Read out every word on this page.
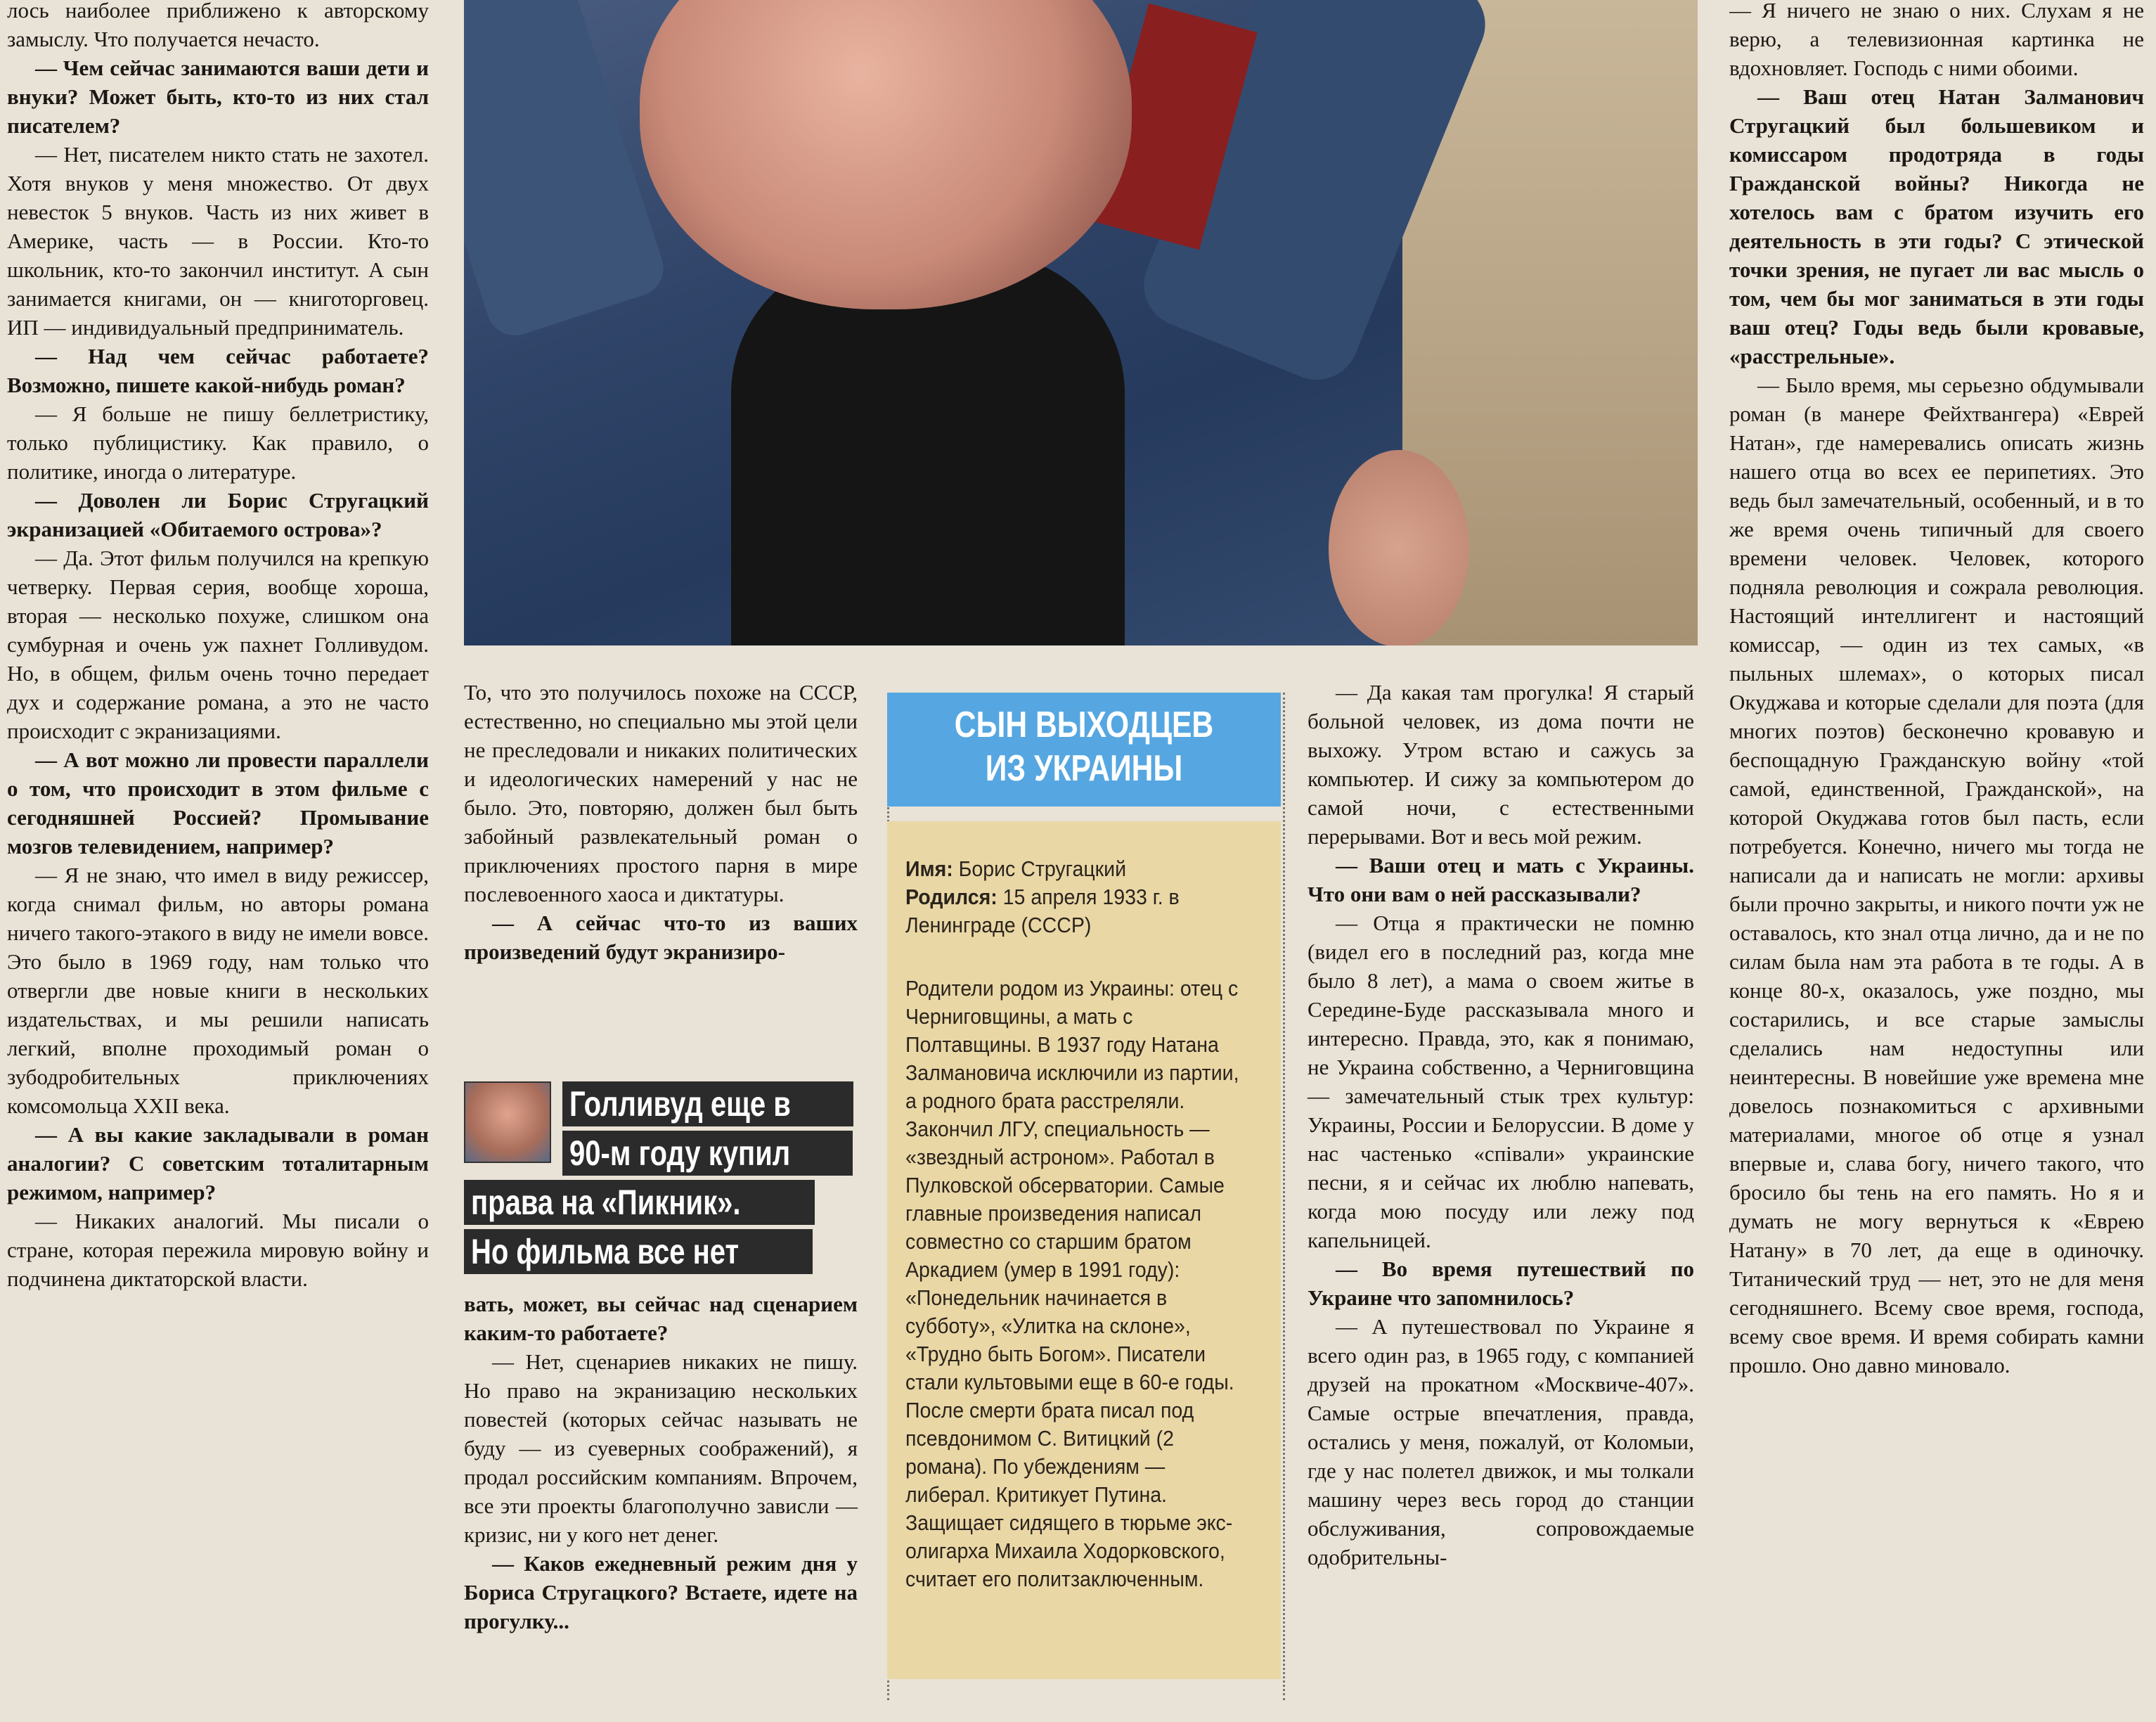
лось наиболее приближено к авторскому замыслу. Что получается нечасто.

— Чем сейчас занимаются ваши дети и внуки? Может быть, кто-то из них стал писателем?

— Нет, писателем никто стать не захотел. Хотя внуков у меня множество. От двух невесток 5 внуков. Часть из них живет в Америке, часть — в России. Кто-то школьник, кто-то закончил институт. А сын занимается книгами, он — книготорговец. ИП — индивидуальный предприниматель.

— Над чем сейчас работаете? Возможно, пишете какой-нибудь роман?

— Я больше не пишу беллетристику, только публицистику. Как правило, о политике, иногда о литературе.

— Доволен ли Борис Стругацкий экранизацией «Обитаемого острова»?

— Да. Этот фильм получился на крепкую четверку. Первая серия, вообще хороша, вторая — несколько похуже, слишком она сумбурная и очень уж пахнет Голливудом. Но, в общем, фильм очень точно передает дух и содержание романа, а это не часто происходит с экранизациями.

— А вот можно ли провести параллели о том, что происходит в этом фильме с сегодняшней Россией? Промывание мозгов телевидением, например?

— Я не знаю, что имел в виду режиссер, когда снимал фильм, но авторы романа ничего такого-этакого в виду не имели вовсе. Это было в 1969 году, нам только что отвергли две новые книги в нескольких издательствах, и мы решили написать легкий, вполне проходимый роман о зубодробительных приключениях комсомольца XXII века.

— А вы какие закладывали в роман аналогии? С советским тоталитарным режимом, например?

— Никаких аналогий. Мы писали о стране, которая пережила мировую войну и подчинена диктаторской власти.

То, что это получилось похоже на СССР, естественно, но специально мы этой цели не преследовали и никаких политических и идеологических намерений у нас не было. Это, повторяю, должен был быть забойный развлекательный роман о приключениях простого парня в мире послевоенного хаоса и диктатуры.

— А сейчас что-то из ваших произведений будут экранизиро-

вать, может, вы сейчас над сценарием каким-то работаете?

— Нет, сценариев никаких не пишу. Но право на экранизацию нескольких повестей (которых сейчас называть не буду — из суеверных соображений), я продал российским компаниям. Впрочем, все эти проекты благополучно зависли — кризис, ни у кого нет денег.

— Каков ежедневный режим дня у Бориса Стругацкого? Встаете, идете на прогулку...

— Да какая там прогулка! Я старый больной человек, из дома почти не выхожу. Утром встаю и сажусь за компьютер. И сижу за компьютером до самой ночи, с естественными перерывами. Вот и весь мой режим.

— Ваши отец и мать с Украины. Что они вам о ней рассказывали?

— Отца я практически не помню (видел его в последний раз, когда мне было 8 лет), а мама о своем житье в Середине-Буде рассказывала много и интересно. Правда, это, как я понимаю, не Украина собственно, а Черниговщина — замечательный стык трех культур: Украины, России и Белоруссии. В доме у нас частенько «співали» украинские песни, я и сейчас их люблю напевать, когда мою посуду или лежу под капельницей.

— Во время путешествий по Украине что запомнилось?

— А путешествовал по Украине я всего один раз, в 1965 году, с компанией друзей на прокатном «Москвиче-407». Самые острые впечатления, правда, остались у меня, пожалуй, от Коломыи, где у нас полетел движок, и мы толкали машину через весь город до станции обслуживания, сопровождаемые одобрительны-

— Я ничего не знаю о них. Слухам я не верю, а телевизионная картинка не вдохновляет. Господь с ними обоими.

— Ваш отец Натан Залманович Стругацкий был большевиком и комиссаром продотряда в годы Гражданской войны? Никогда не хотелось вам с братом изучить его деятельность в эти годы? С этической точки зрения, не пугает ли вас мысль о том, чем бы мог заниматься в эти годы ваш отец? Годы ведь были кровавые, «расстрельные».

— Было время, мы серьезно обдумывали роман (в манере Фейхтвангера) «Еврей Натан», где намеревались описать жизнь нашего отца во всех ее перипетиях. Это ведь был замечательный, особенный, и в то же время очень типичный для своего времени человек. Человек, которого подняла революция и сожрала революция. Настоящий интеллигент и настоящий комиссар, — один из тех самых, «в пыльных шлемах», о которых писал Окуджава и которые сделали для поэта (для многих поэтов) бесконечно кровавую и беспощадную Гражданскую войну «той самой, единственной, Гражданской», на которой Окуджава готов был пасть, если потребуется. Конечно, ничего мы тогда не написали да и написать не могли: архивы были прочно закрыты, и никого почти уж не оставалось, кто знал отца лично, да и не по силам была нам эта работа в те годы. А в конце 80-х, оказалось, уже поздно, мы состарились, и все старые замыслы сделались нам недоступны или неинтересны. В новейшие уже времена мне довелось познакомиться с архивными материалами, многое об отце я узнал впервые и, слава богу, ничего такого, что бросило бы тень на его память. Но я и думать не могу вернуться к «Еврею Натану» в 70 лет, да еще в одиночку. Титанический труд — нет, это не для меня сегодняшнего. Всему свое время, господа, всему свое время. И время собирать камни прошло. Оно давно миновало.

Голливуд еще в
90-м году купил
права на «Пикник».
Но фильма все нет
СЫН ВЫХОДЦЕВ
ИЗ УКРАИНЫ
Имя: Борис Стругацкий
Родился: 15 апреля 1933 г. в Ленинграде (СССР)
Родители родом из Украины: отец с Черниговщины, а мать с Полтавщины. В 1937 году Натана Залмановича исключили из партии, а родного брата расстреляли. Закончил ЛГУ, специальность — «звездный астроном». Работал в Пулковской обсерватории. Самые главные произведения написал совместно со старшим братом Аркадием (умер в 1991 году): «Понедельник начинается в субботу», «Улитка на склоне», «Трудно быть Богом». Писатели стали культовыми еще в 60-е годы. После смерти брата писал под псевдонимом С. Витицкий (2 романа). По убеждениям — либерал. Критикует Путина. Защищает сидящего в тюрьме экс-олигарха Михаила Ходорковского, считает его политзаключенным.
